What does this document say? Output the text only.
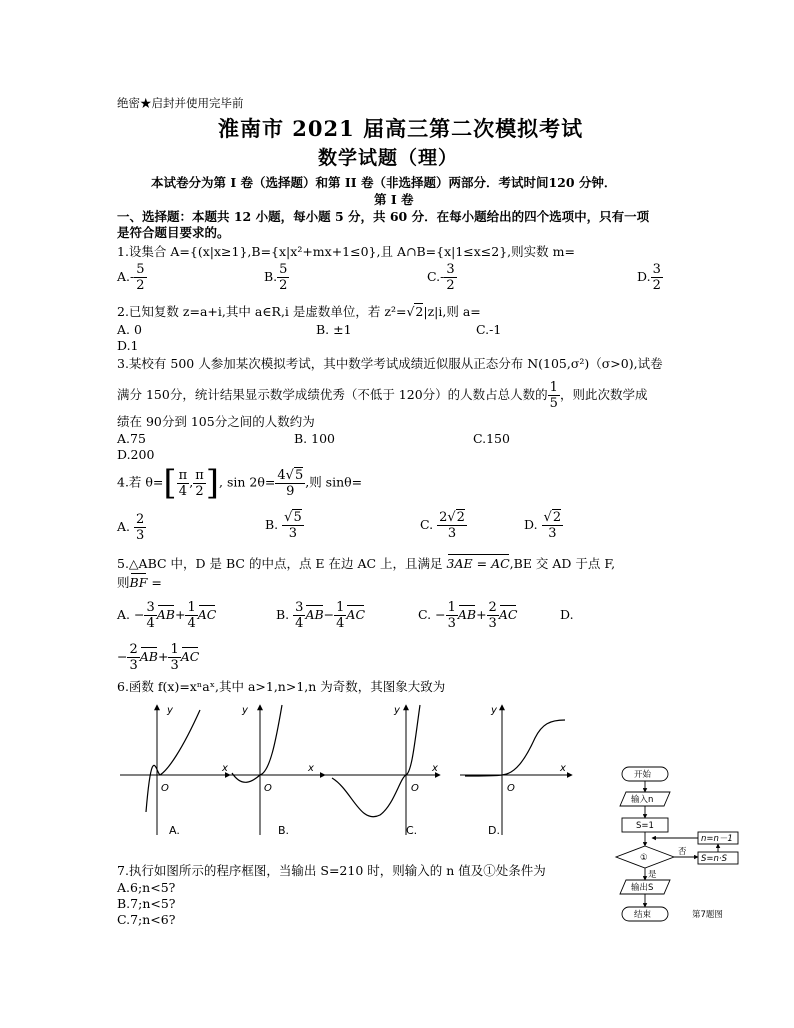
绝密★启封并使用完毕前
淮南市 2021 届高三第二次模拟考试
数学试题（理）
本试卷分为第 I 卷（选择题）和第 II 卷（非选择题）两部分．考试时间120 分钟．
第 I 卷
一、选择题：本题共 12 小题，每小题 5 分，共 60 分．在每小题给出的四个选项中，只有一项
是符合题目要求的。
1.设集合 A={(x|x≥1},B={x|x²+mx+1≤0},且 A∩B={x|1≤x≤2},则实数 m=
$A.- \frac{5}{2}$	B. $\frac{5}{2}$	$C.- \frac{3}{2}$	D. $\frac{3}{2}$
2.已知复数 z=a+i,其中 a∈R,i 是虚数单位，若 z²=√2|z|i,则 a=
A. 0	B. ±1	C.-1
D.1
3.某校有 500 人参加某次模拟考试，其中数学考试成绩近似服从正态分布 N(105,σ²)（σ>0),试卷
满分 150分，统计结果显示数学成绩优秀（不低于 120分）的人数占总人数的 $\frac{1}{5}$ ，则此次数学成
绩在 90分到 105分之间的人数约为
A.75	B. 100	C.150
D.200
4.若 $\theta=[ \frac{\pi}{4}$ , $\frac{\pi}{2}$ ], $\sin 2\theta= \frac{4√5}{9}$ ,则 sinθ=
A. $\frac{2}{3}$	B. $\frac{√5}{3}$	C. $\frac{2√2}{3}$	D. $\frac{√2}{3}$
5.△ABC 中，D 是 BC 的中点，点 E 在边 AC 上，且满足 3AE = AC,BE 交 AD 于点 F,
则BF =
A. − $\frac{3}{4} AB+ \frac{1}{4}$ AC	B. $\frac{3}{4} AB- \frac{1}{4}$ AC	C. − $\frac{1}{3} AB+ \frac{2}{3}$ AC	D.
− $\frac{2}{3} AB+ \frac{1}{3}$ AC
6.函数 f(x)=xⁿaˣ,其中 a>1,n>1,n 为奇数，其图象大致为
y
x
O
A.
y
x
O
B.
y
x
O
C.
y
x
O
D.
开始
输入n
S=1
①
否
是
n=n－1
S=n·S
输出S
结束	第7题图
7.执行如图所示的程序框图，当输出 S=210 时，则输入的 n 值及①处条件为
A.6;n<5?
B.7;n<5?
C.7;n<6?
